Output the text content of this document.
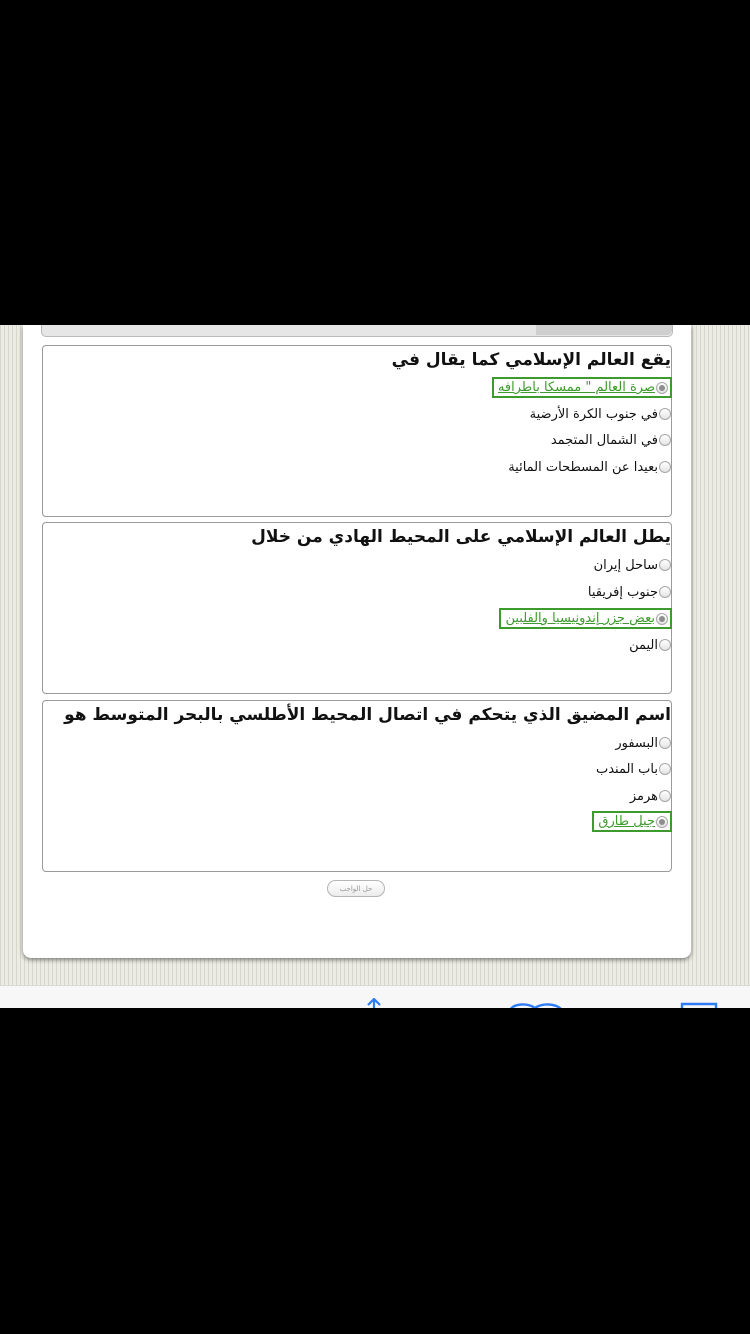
يقع العالم الإسلامي كما يقال في
صرة العالم " ممسكا باطرافه
في جنوب الكرة الأرضية
في الشمال المتجمد
بعيدا عن المسطحات المائية
يطل العالم الإسلامي على المحيط الهادي من خلال
ساحل إيران
جنوب إفريقيا
بعض جزر إندونيسيا والفلبين
اليمن
اسم المضيق الذي يتحكم في اتصال المحيط الأطلسي بالبحر المتوسط هو
البسفور
باب المندب
هرمز
جبل طارق
حل الواجب
